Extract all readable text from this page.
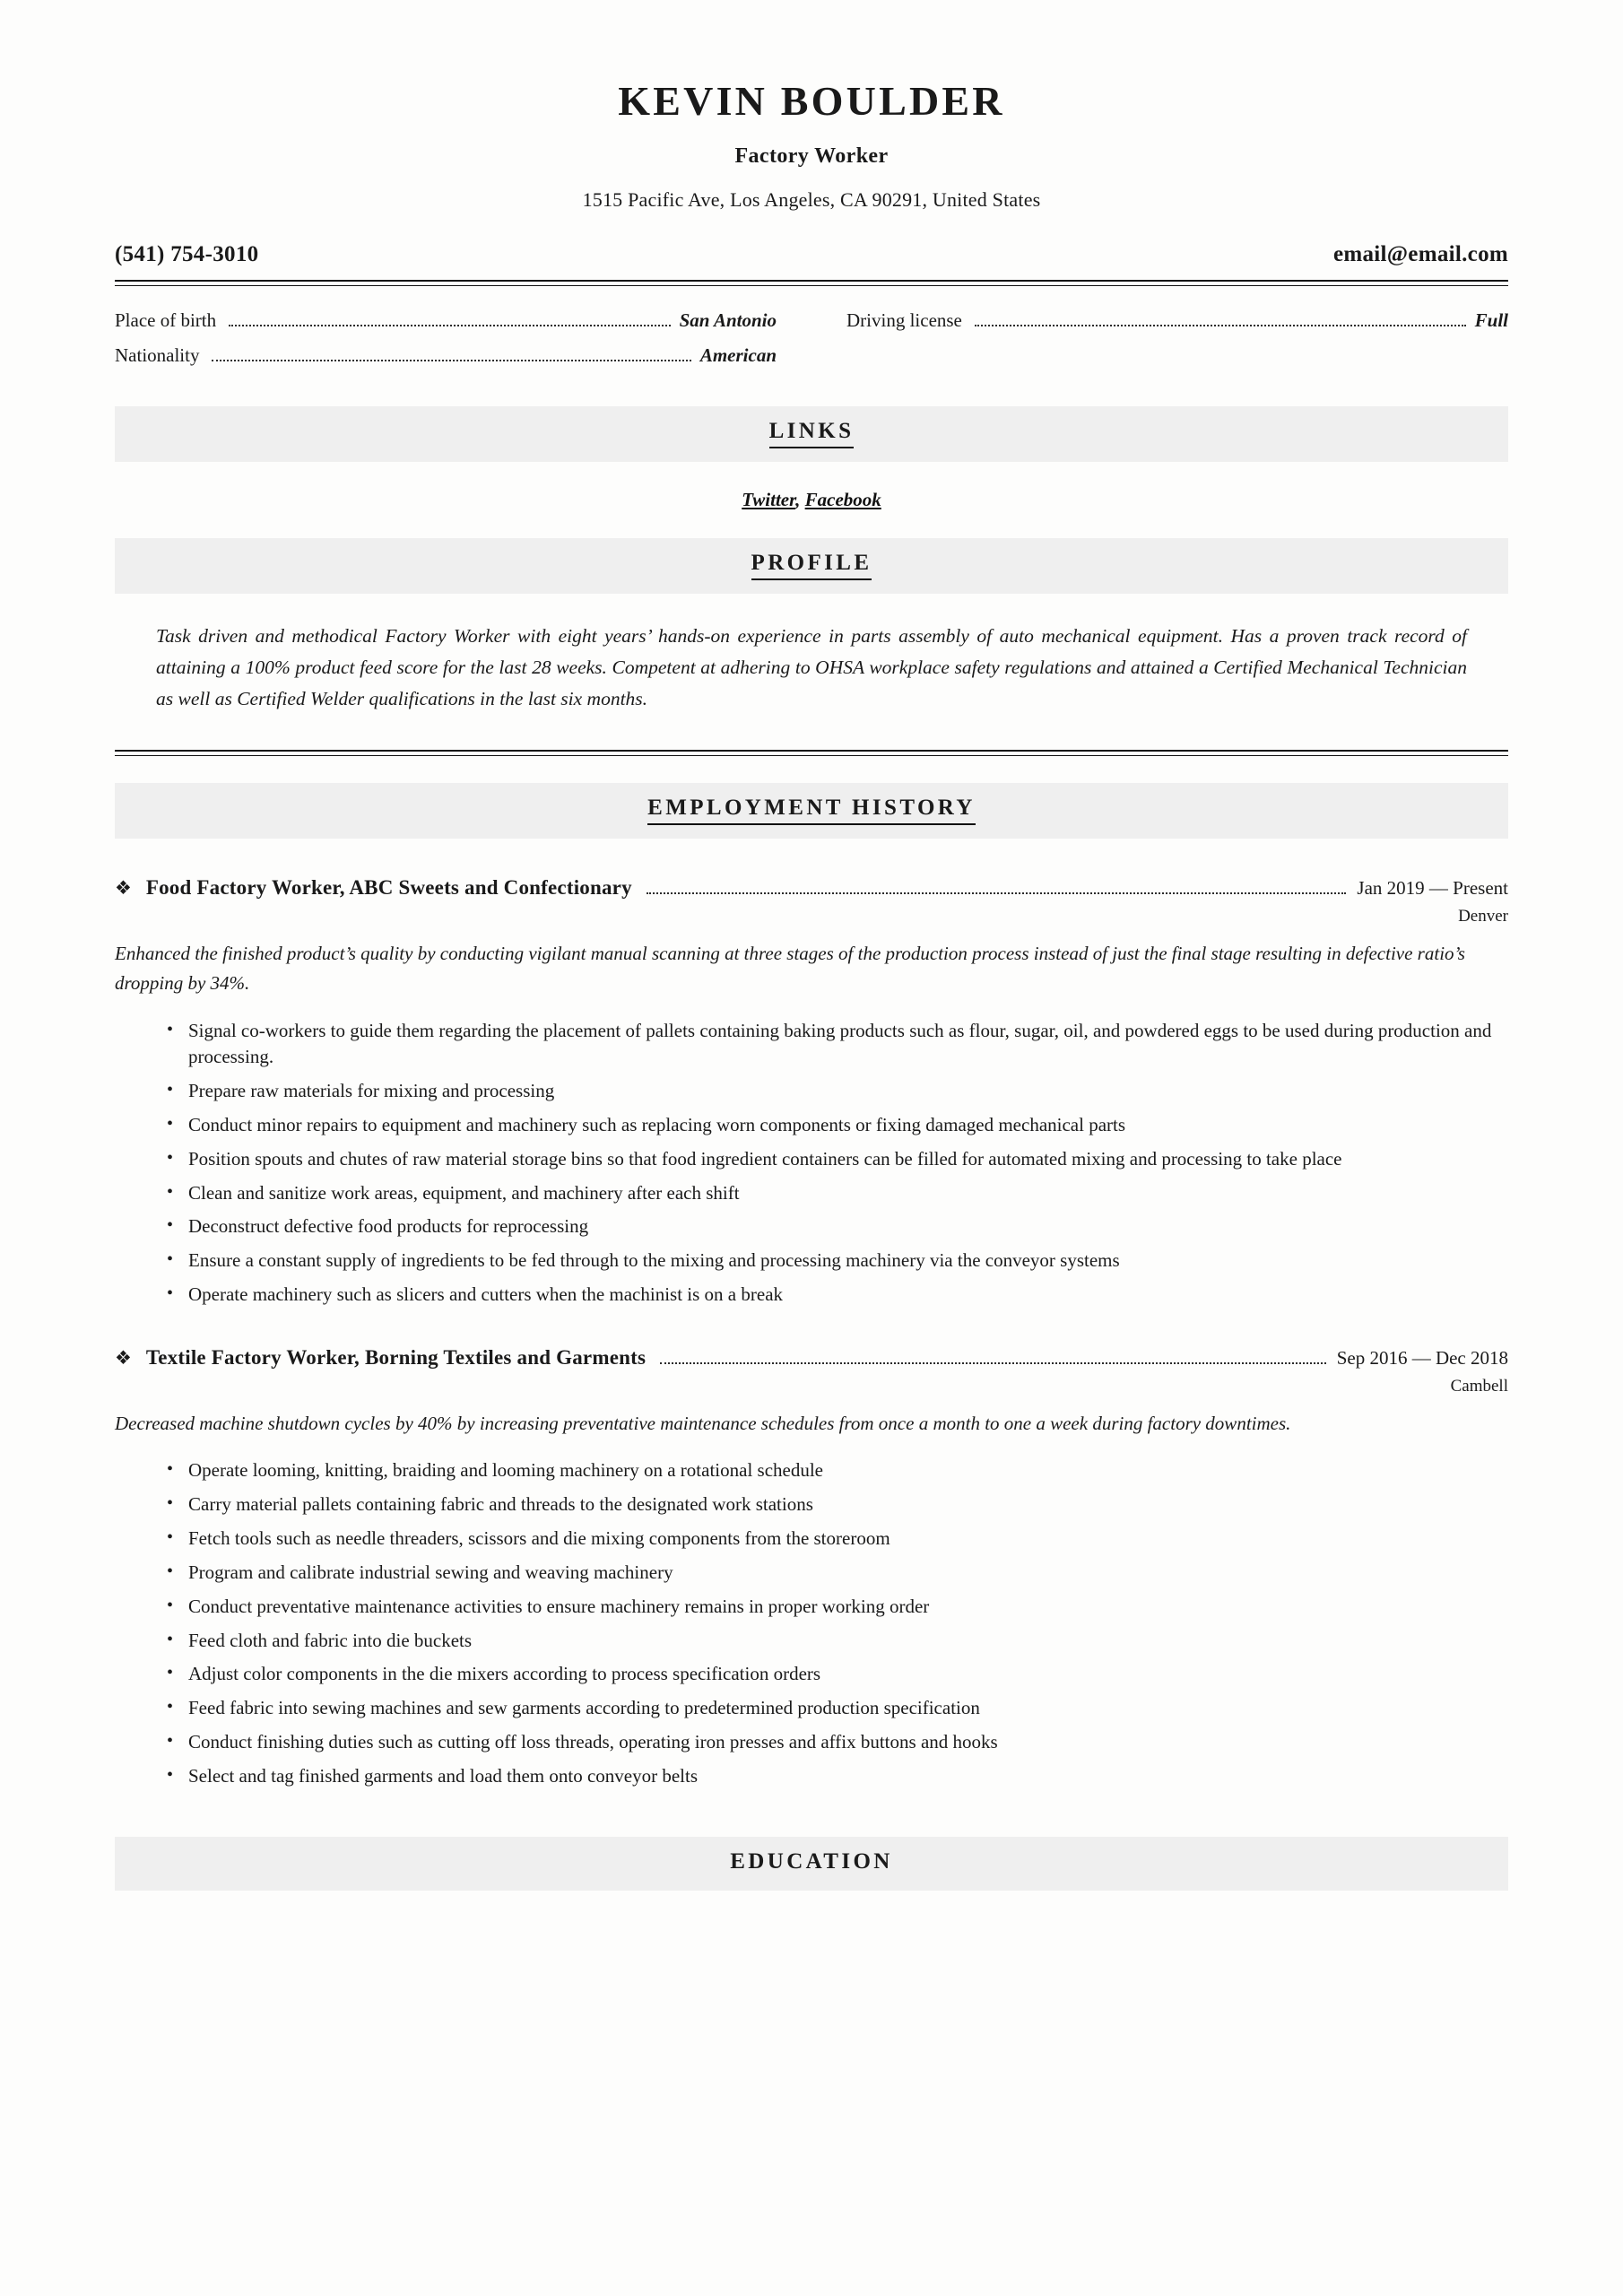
KEVIN BOULDER
Factory Worker
1515 Pacific Ave, Los Angeles, CA 90291, United States
(541) 754-3010	email@email.com
Place of birth	San Antonio
Nationality	American
Driving license	Full
LINKS
Twitter, Facebook
PROFILE
Task driven and methodical Factory Worker with eight years’ hands-on experience in parts assembly of auto mechanical equipment. Has a proven track record of attaining a 100% product feed score for the last 28 weeks. Competent at adhering to OHSA workplace safety regulations and attained a Certified Mechanical Technician as well as Certified Welder qualifications in the last six months.
EMPLOYMENT HISTORY
❖ Food Factory Worker, ABC Sweets and Confectionary	Jan 2019 — Present
Denver
Enhanced the finished product’s quality by conducting vigilant manual scanning at three stages of the production process instead of just the final stage resulting in defective ratio’s dropping by 34%.
• Signal co-workers to guide them regarding the placement of pallets containing baking products such as flour, sugar, oil, and powdered eggs to be used during production and processing.
• Prepare raw materials for mixing and processing
• Conduct minor repairs to equipment and machinery such as replacing worn components or fixing damaged mechanical parts
• Position spouts and chutes of raw material storage bins so that food ingredient containers can be filled for automated mixing and processing to take place
• Clean and sanitize work areas, equipment, and machinery after each shift
• Deconstruct defective food products for reprocessing
• Ensure a constant supply of ingredients to be fed through to the mixing and processing machinery via the conveyor systems
• Operate machinery such as slicers and cutters when the machinist is on a break
❖ Textile Factory Worker, Borning Textiles and Garments	Sep 2016 — Dec 2018
Cambell
Decreased machine shutdown cycles by 40% by increasing preventative maintenance schedules from once a month to one a week during factory downtimes.
• Operate looming, knitting, braiding and looming machinery on a rotational schedule
• Carry material pallets containing fabric and threads to the designated work stations
• Fetch tools such as needle threaders, scissors and die mixing components from the storeroom
• Program and calibrate industrial sewing and weaving machinery
• Conduct preventative maintenance activities to ensure machinery remains in proper working order
• Feed cloth and fabric into die buckets
• Adjust color components in the die mixers according to process specification orders
• Feed fabric into sewing machines and sew garments according to predetermined production specification
• Conduct finishing duties such as cutting off loss threads, operating iron presses and affix buttons and hooks
• Select and tag finished garments and load them onto conveyor belts
EDUCATION
